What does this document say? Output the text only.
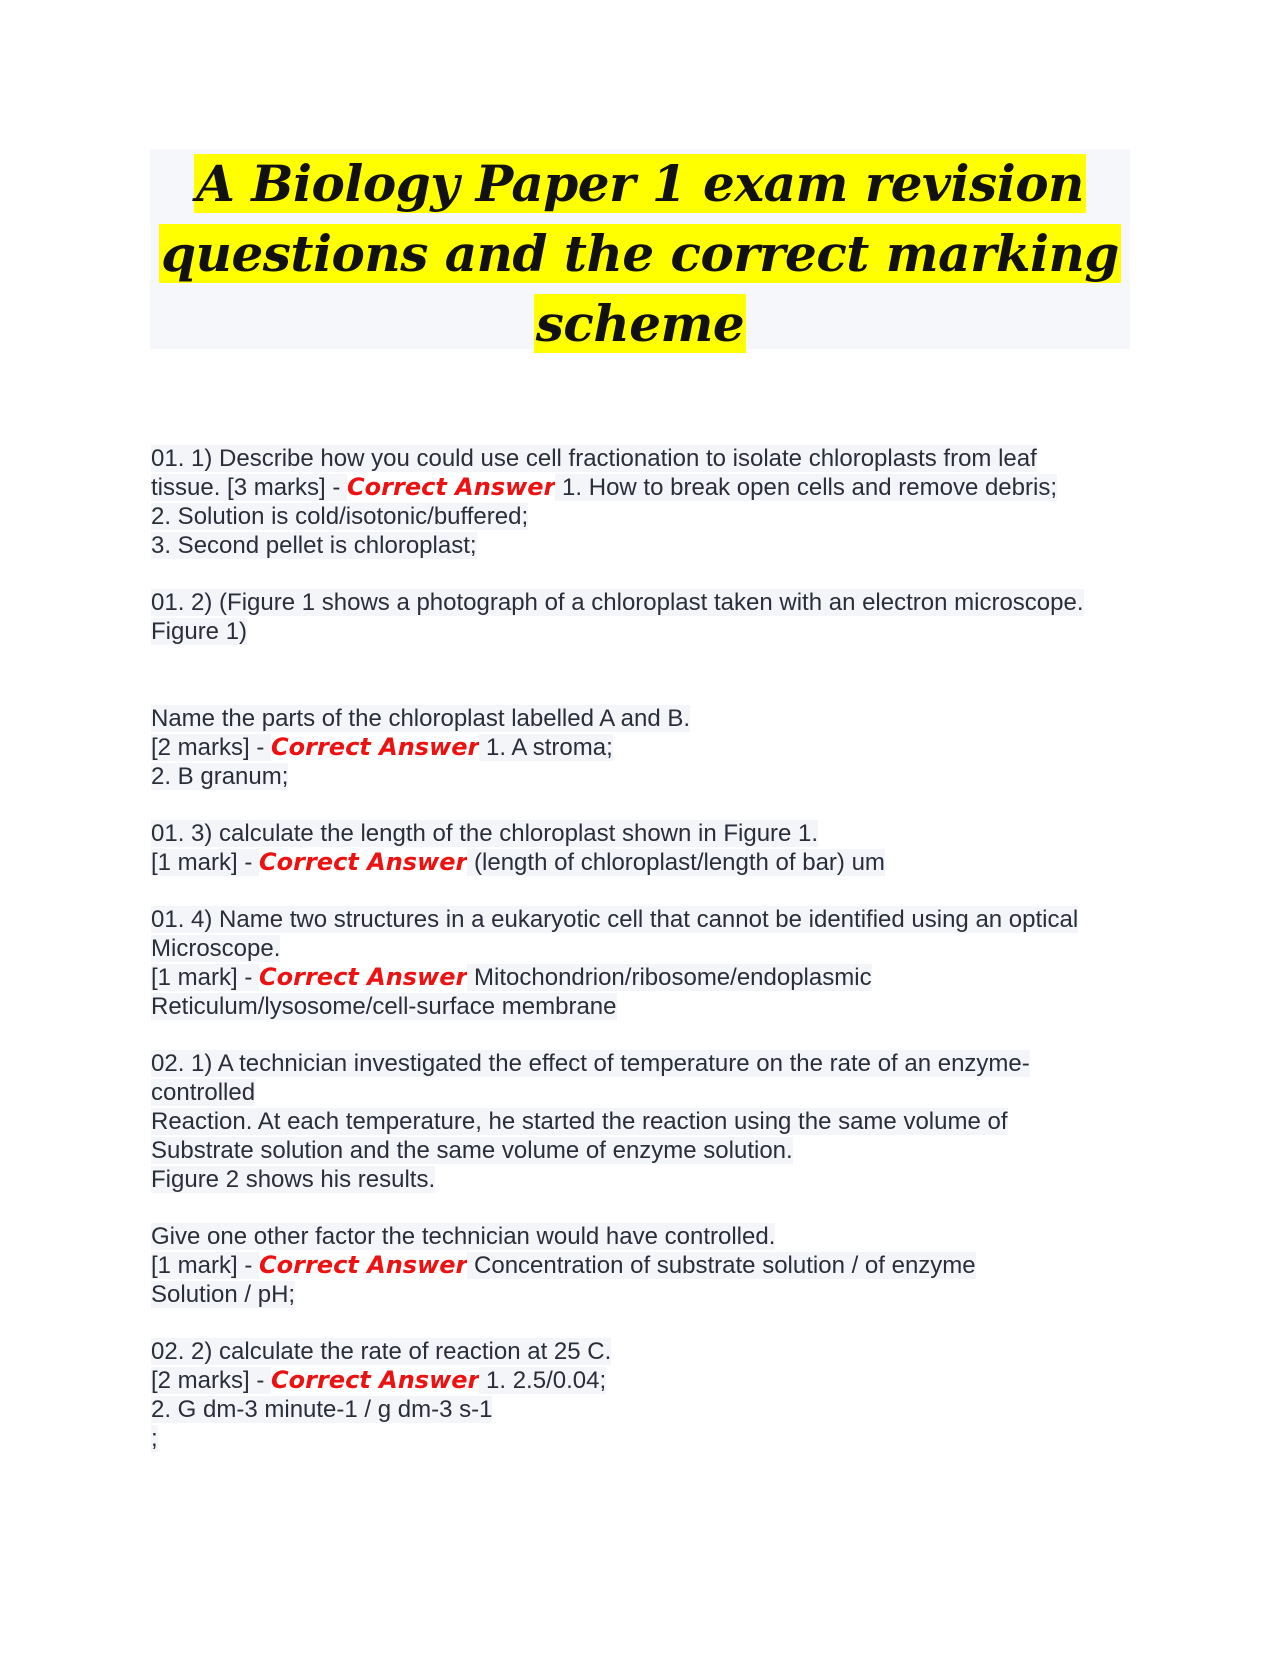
A Biology Paper 1 exam revision
questions and the correct marking
scheme

01. 1) Describe how you could use cell fractionation to isolate chloroplasts from leaf

tissue. [3 marks] - Correct Answer 1. How to break open cells and remove debris;

2. Solution is cold/isotonic/buffered;

3. Second pellet is chloroplast;

01. 2) (Figure 1 shows a photograph of a chloroplast taken with an electron microscope.

Figure 1)

Name the parts of the chloroplast labelled A and B.

[2 marks] - Correct Answer 1. A stroma;

2. B granum;

01. 3) calculate the length of the chloroplast shown in Figure 1.

[1 mark] - Correct Answer (length of chloroplast/length of bar) um

01. 4) Name two structures in a eukaryotic cell that cannot be identified using an optical

Microscope.

[1 mark] - Correct Answer Mitochondrion/ribosome/endoplasmic

Reticulum/lysosome/cell-surface membrane

02. 1) A technician investigated the effect of temperature on the rate of an enzyme-

controlled

Reaction. At each temperature, he started the reaction using the same volume of

Substrate solution and the same volume of enzyme solution.

Figure 2 shows his results.

Give one other factor the technician would have controlled.

[1 mark] - Correct Answer Concentration of substrate solution / of enzyme

Solution / pH;

02. 2) calculate the rate of reaction at 25 C.

[2 marks] - Correct Answer 1. 2.5/0.04;

2. G dm-3 minute-1 / g dm-3 s-1

;
